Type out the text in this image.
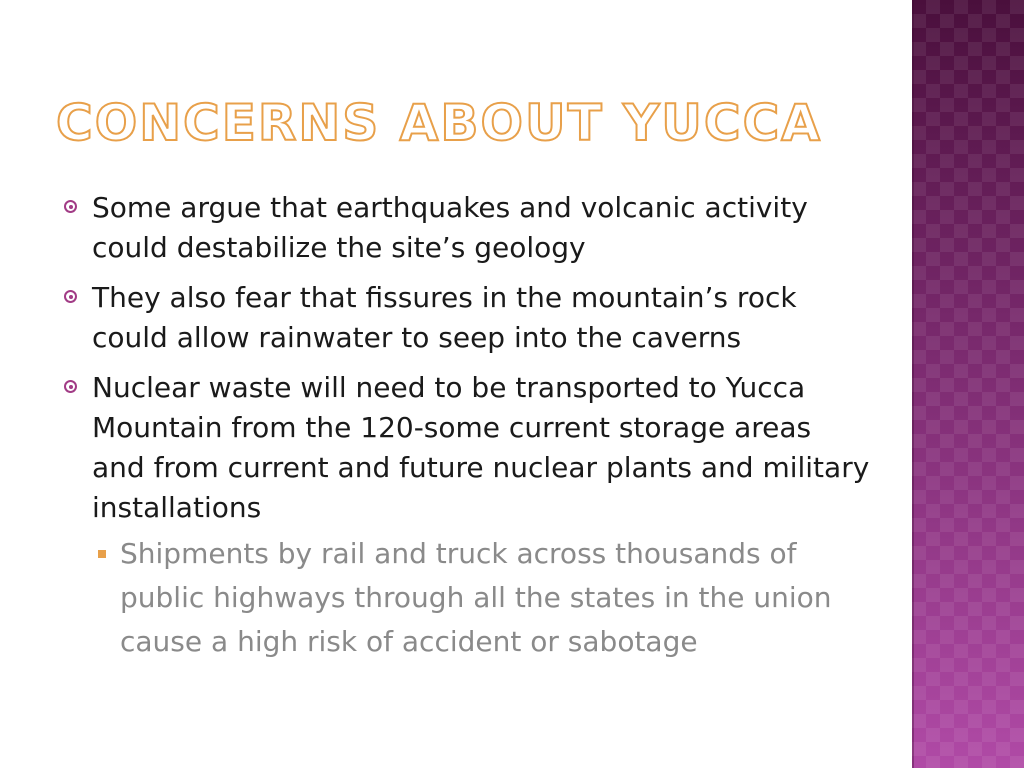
CONCERNS ABOUT YUCCA
Some argue that earthquakes and volcanic activity could destabilize the site’s geology
They also fear that fissures in the mountain’s rock could allow rainwater to seep into the caverns
Nuclear waste will need to be transported to Yucca Mountain from the 120-some current storage areas and from current and future nuclear plants and military installations
Shipments by rail and truck across thousands of public highways through all the states in the union cause a high risk of accident or sabotage
